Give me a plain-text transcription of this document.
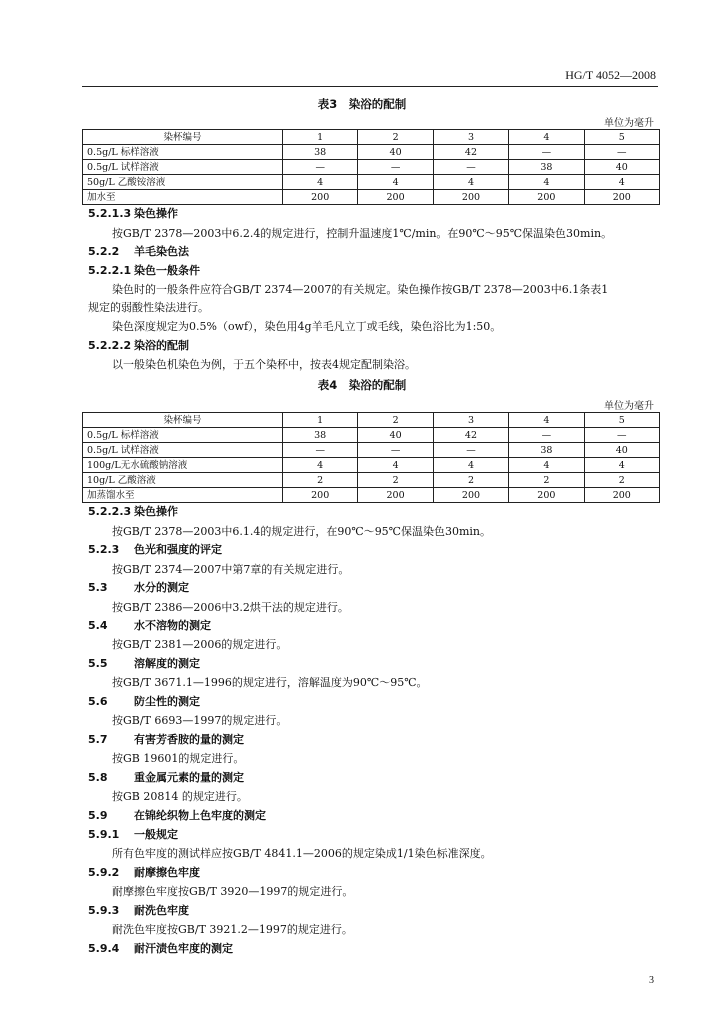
HG/T 4052—2008
表3　染浴的配制
单位为毫升
染杯编号	1	2	3	4	5
0.5g/L 标样溶液	38	40	42	—	—
0.5g/L 试样溶液	—	—	—	38	40
50g/L 乙酸铵溶液	4	4	4	4	4
加水至	200	200	200	200	200
5.2.1.3 染色操作
按GB/T 2378—2003中6.2.4的规定进行，控制升温速度1℃/min。在90℃～95℃保温染色30min。
5.2.2 羊毛染色法
5.2.2.1 染色一般条件
染色时的一般条件应符合GB/T 2374—2007的有关规定。染色操作按GB/T 2378—2003中6.1条表1
规定的弱酸性染法进行。
染色深度规定为0.5%（owf），染色用4g羊毛凡立丁或毛线，染色浴比为1:50。
5.2.2.2 染浴的配制
以一般染色机染色为例，于五个染杯中，按表4规定配制染浴。
表4　染浴的配制
单位为毫升
染杯编号	1	2	3	4	5
0.5g/L 标样溶液	38	40	42	—	—
0.5g/L 试样溶液	—	—	—	38	40
100g/L无水硫酸钠溶液	4	4	4	4	4
10g/L 乙酸溶液	2	2	2	2	2
加蒸馏水至	200	200	200	200	200
5.2.2.3 染色操作
按GB/T 2378—2003中6.1.4的规定进行，在90℃～95℃保温染色30min。
5.2.3 色光和强度的评定
按GB/T 2374—2007中第7章的有关规定进行。
5.3 水分的测定
按GB/T 2386—2006中3.2烘干法的规定进行。
5.4 水不溶物的测定
按GB/T 2381—2006的规定进行。
5.5 溶解度的测定
按GB/T 3671.1—1996的规定进行，溶解温度为90℃～95℃。
5.6 防尘性的测定
按GB/T 6693—1997的规定进行。
5.7 有害芳香胺的量的测定
按GB 19601的规定进行。
5.8 重金属元素的量的测定
按GB 20814 的规定进行。
5.9 在锦纶织物上色牢度的测定
5.9.1 一般规定
所有色牢度的测试样应按GB/T 4841.1—2006的规定染成1/1染色标准深度。
5.9.2 耐摩擦色牢度
耐摩擦色牢度按GB/T 3920—1997的规定进行。
5.9.3 耐洗色牢度
耐洗色牢度按GB/T 3921.2—1997的规定进行。
5.9.4 耐汗渍色牢度的测定
3
